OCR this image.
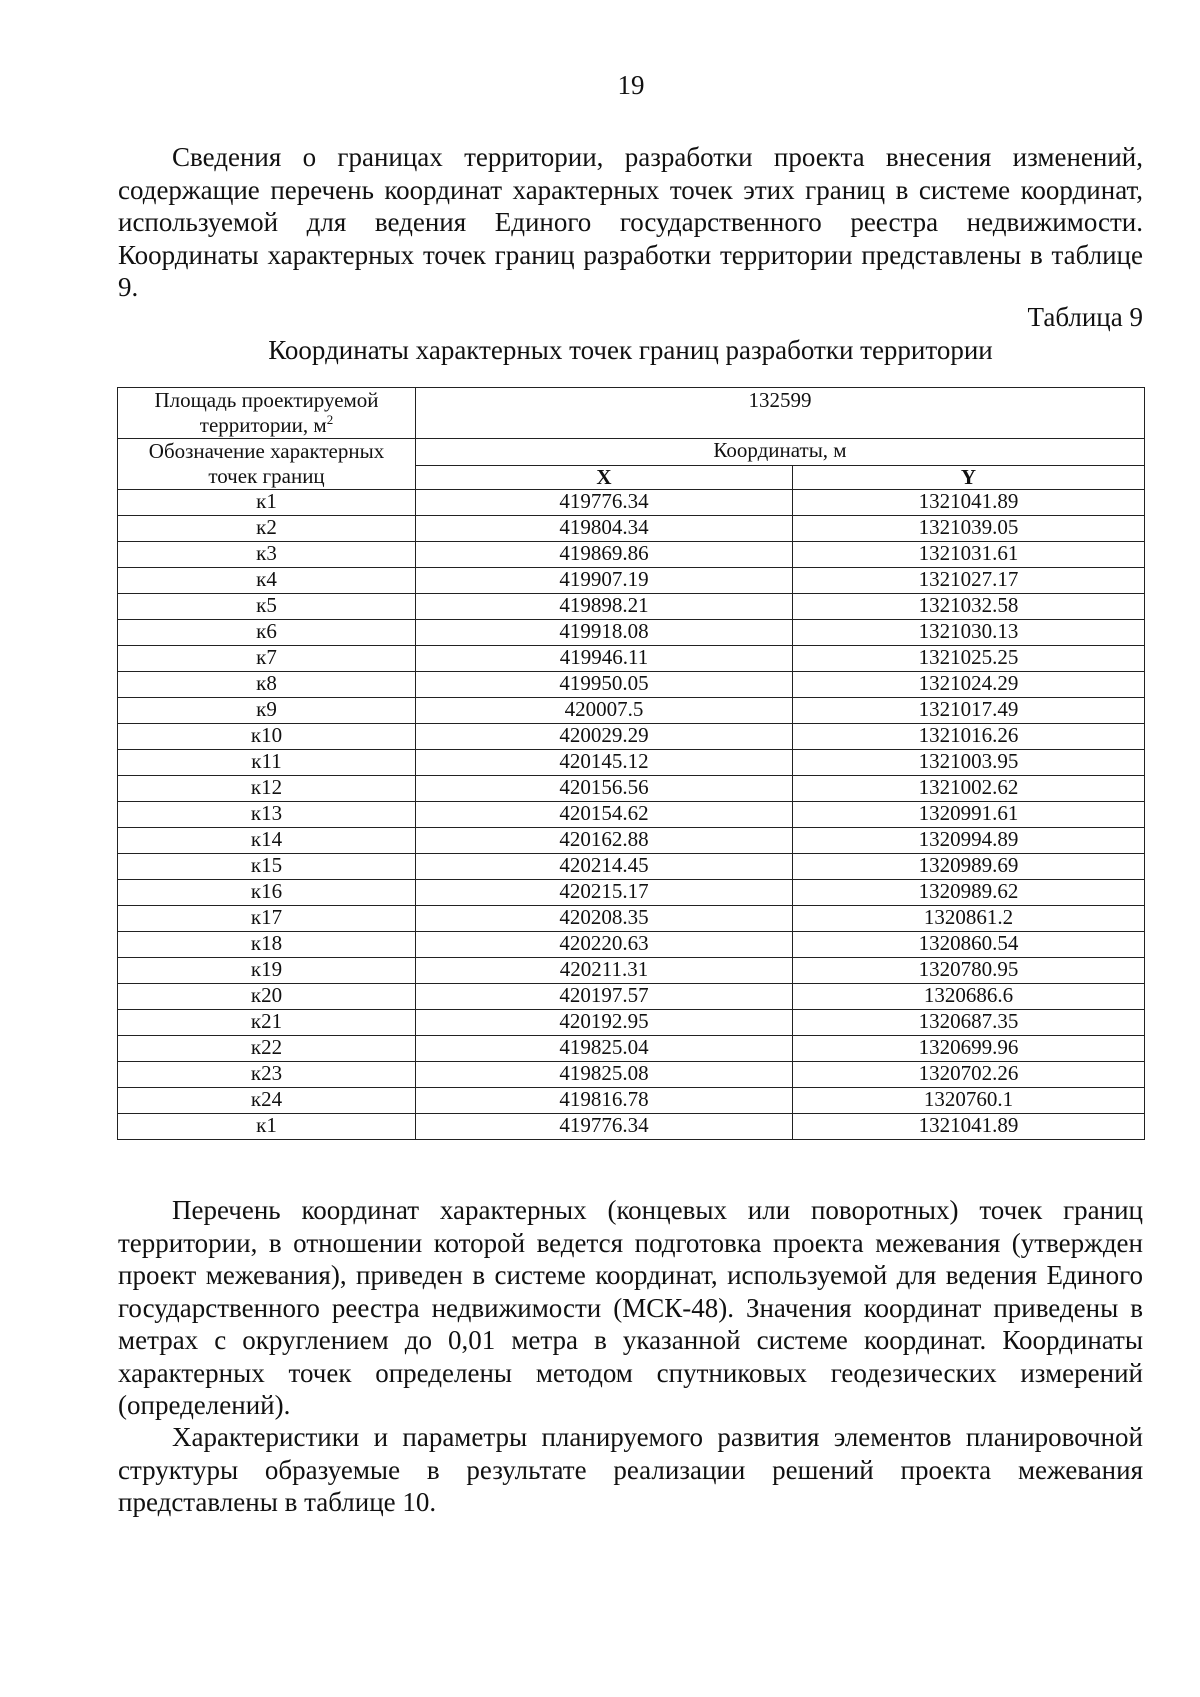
19

Сведения о границах территории, разработки проекта внесения изменений, содержащие перечень координат характерных точек этих границ в системе координат, используемой для ведения Единого государственного реестра недвижимости. Координаты характерных точек границ разработки территории представлены в таблице 9.

Таблица 9
Координаты характерных точек границ разработки территории
Площадь проектируемой территории, $м^2$	132599	
Обозначение характерных точек границ	Координаты, м	
	X	Y
к1	419776.34	1321041.89
к2	419804.34	1321039.05
к3	419869.86	1321031.61
к4	419907.19	1321027.17
к5	419898.21	1321032.58
к6	419918.08	1321030.13
к7	419946.11	1321025.25
к8	419950.05	1321024.29
к9	420007.5	1321017.49
к10	420029.29	1321016.26
к11	420145.12	1321003.95
к12	420156.56	1321002.62
к13	420154.62	1320991.61
к14	420162.88	1320994.89
к15	420214.45	1320989.69
к16	420215.17	1320989.62
к17	420208.35	1320861.2
к18	420220.63	1320860.54
к19	420211.31	1320780.95
к20	420197.57	1320686.6
к21	420192.95	1320687.35
к22	419825.04	1320699.96
к23	419825.08	1320702.26
к24	419816.78	1320760.1
к1	419776.34	1321041.89

Перечень координат характерных (концевых или поворотных) точек границ территории, в отношении которой ведется подготовка проекта межевания (утвержден проект межевания), приведен в системе координат, используемой для ведения Единого государственного реестра недвижимости (МСК-48). Значения координат приведены в метрах с округлением до 0,01 метра в указанной системе координат. Координаты характерных точек определены методом спутниковых геодезических измерений (определений).

Характеристики и параметры планируемого развития элементов планировочной структуры образуемые в результате реализации решений проекта межевания представлены в таблице 10.
